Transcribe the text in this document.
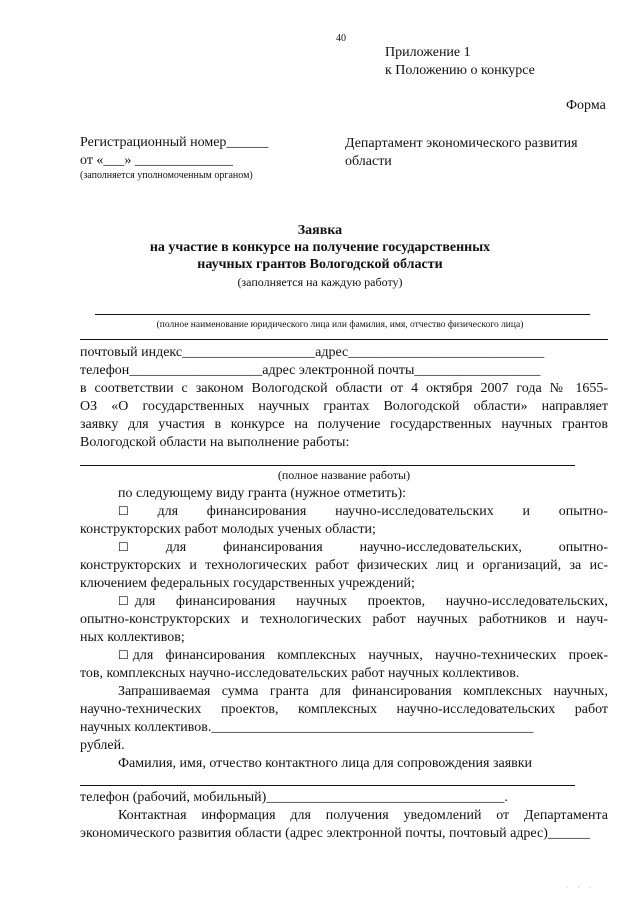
40
Приложение 1
к Положению о конкурсе
Форма
Регистрационный номер______
от «___» ______________
(заполняется уполномоченным органом)
Департамент экономического развития области
Заявка
на участие в конкурсе на получение государственных
научных грантов Вологодской области
(заполняется на каждую работу)
(полное наименование юридического лица или фамилия, имя, отчество физического лица)
почтовый индекс___________________адрес____________________________
телефон___________________адрес электронной почты__________________
в соответствии с законом Вологодской области от 4 октября 2007 года № 1655-
ОЗ «О государственных научных грантах Вологодской области» направляет
заявку для участия в конкурсе на получение государственных научных грантов
Вологодской области на выполнение работы:
(полное название работы)
по следующему виду гранта (нужное отметить):
☐ для финансирования научно-исследовательских и опытно-
конструкторских работ молодых ученых области;
☐	для	финансирования	научно-исследовательских,	опытно-
конструкторских и технологических работ физических лиц и организаций, за ис-
ключением федеральных государственных учреждений;
☐ для финансирования научных проектов, научно-исследовательских,
опытно-конструкторских и технологических работ научных работников и науч-
ных коллективов;
☐ для финансирования комплексных научных, научно-технических проек-
тов, комплексных научно-исследовательских работ научных коллективов.
Запрашиваемая сумма гранта для финансирования комплексных научных,
научно-технических проектов, комплексных научно-исследовательских работ
научных коллективов.______________________________________________
рублей.
Фамилия, имя, отчество контактного лица для сопровождения заявки
телефон (рабочий, мобильный)__________________________________.
Контактная информация для получения уведомлений от Департамента
экономического развития области (адрес электронной почты, почтовый адрес)______
· · ·
